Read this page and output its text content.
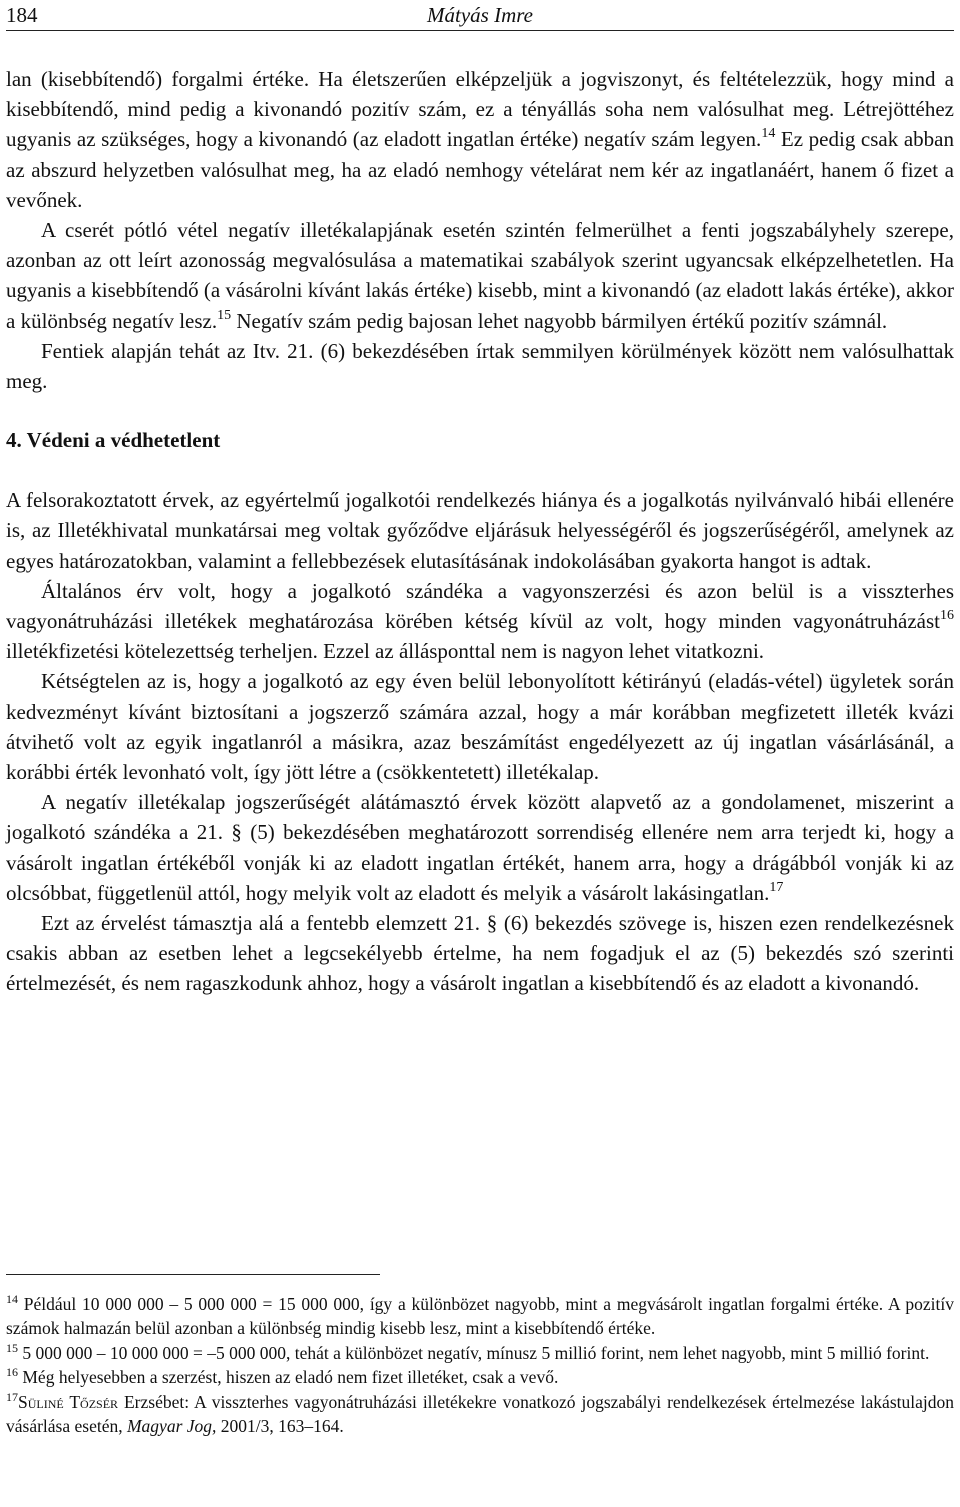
184	Mátyás Imre

lan (kisebbítendő) forgalmi értéke. Ha életszerűen elképzeljük a jogviszonyt, és feltételezzük, hogy mind a kisebbítendő, mind pedig a kivonandó pozitív szám, ez a tényállás soha nem valósulhat meg. Létrejöttéhez ugyanis az szükséges, hogy a kivonandó (az eladott ingatlan értéke) negatív szám legyen.$^{14}$ Ez pedig csak abban az abszurd helyzetben valósulhat meg, ha az eladó nemhogy vételárat nem kér az ingatlanáért, hanem ő fizet a vevőnek.

A cserét pótló vétel negatív illetékalapjának esetén szintén felmerülhet a fenti jogszabályhely szerepe, azonban az ott leírt azonosság megvalósulása a matematikai szabályok szerint ugyancsak elképzelhetetlen. Ha ugyanis a kisebbítendő (a vásárolni kívánt lakás értéke) kisebb, mint a kivonandó (az eladott lakás értéke), akkor a különbség negatív lesz.$^{15}$ Negatív szám pedig bajosan lehet nagyobb bármilyen értékű pozitív számnál.

Fentiek alapján tehát az Itv. 21. (6) bekezdésében írtak semmilyen körülmények között nem valósulhattak meg.

4. Védeni a védhetetlent

A felsorakoztatott érvek, az egyértelmű jogalkotói rendelkezés hiánya és a jogalkotás nyilvánvaló hibái ellenére is, az Illetékhivatal munkatársai meg voltak győződve eljárásuk helyességéről és jogszerűségéről, amelynek az egyes határozatokban, valamint a fellebbezések elutasításának indokolásában gyakorta hangot is adtak.

Általános érv volt, hogy a jogalkotó szándéka a vagyonszerzési és azon belül is a visszterhes vagyonátruházási illetékek meghatározása körében kétség kívül az volt, hogy minden vagyonátruházást$^{16}$ illetékfizetési kötelezettség terheljen. Ezzel az állásponttal nem is nagyon lehet vitatkozni.

Kétségtelen az is, hogy a jogalkotó az egy éven belül lebonyolított kétirányú (eladás-vétel) ügyletek során kedvezményt kívánt biztosítani a jogszerző számára azzal, hogy a már korábban megfizetett illeték kvázi átvihető volt az egyik ingatlanról a másikra, azaz beszámítást engedélyezett az új ingatlan vásárlásánál, a korábbi érték levonható volt, így jött létre a (csökkentetett) illetékalap.

A negatív illetékalap jogszerűségét alátámasztó érvek között alapvető az a gondolamenet, miszerint a jogalkotó szándéka a 21. § (5) bekezdésében meghatározott sorrendiség ellenére nem arra terjedt ki, hogy a vásárolt ingatlan értékéből vonják ki az eladott ingatlan értékét, hanem arra, hogy a drágábból vonják ki az olcsóbbat, függetlenül attól, hogy melyik volt az eladott és melyik a vásárolt lakásingatlan.$^{17}$

Ezt az érvelést támasztja alá a fentebb elemzett 21. § (6) bekezdés szövege is, hiszen ezen rendelkezésnek csakis abban az esetben lehet a legcsekélyebb értelme, ha nem fogadjuk el az (5) bekezdés szó szerinti értelmezését, és nem ragaszkodunk ahhoz, hogy a vásárolt ingatlan a kisebbítendő és az eladott a kivonandó.

$^{14}$ Például 10 000 000 – 5 000 000 = 15 000 000, így a különbözet nagyobb, mint a megvásárolt ingatlan forgalmi értéke. A pozitív számok halmazán belül azonban a különbség mindig kisebb lesz, mint a kisebbítendő értéke.

$^{15}$ 5 000 000 – 10 000 000 = –5 000 000, tehát a különbözet negatív, mínusz 5 millió forint, nem lehet nagyobb, mint 5 millió forint.

$^{16}$ Még helyesebben a szerzést, hiszen az eladó nem fizet illetéket, csak a vevő.

$^{17}$Süliné Tőzsér Erzsébet: A visszterhes vagyonátruházási illetékekre vonatkozó jogszabályi rendelkezések értelmezése lakástulajdon vásárlása esetén, Magyar Jog, 2001/3, 163–164.
